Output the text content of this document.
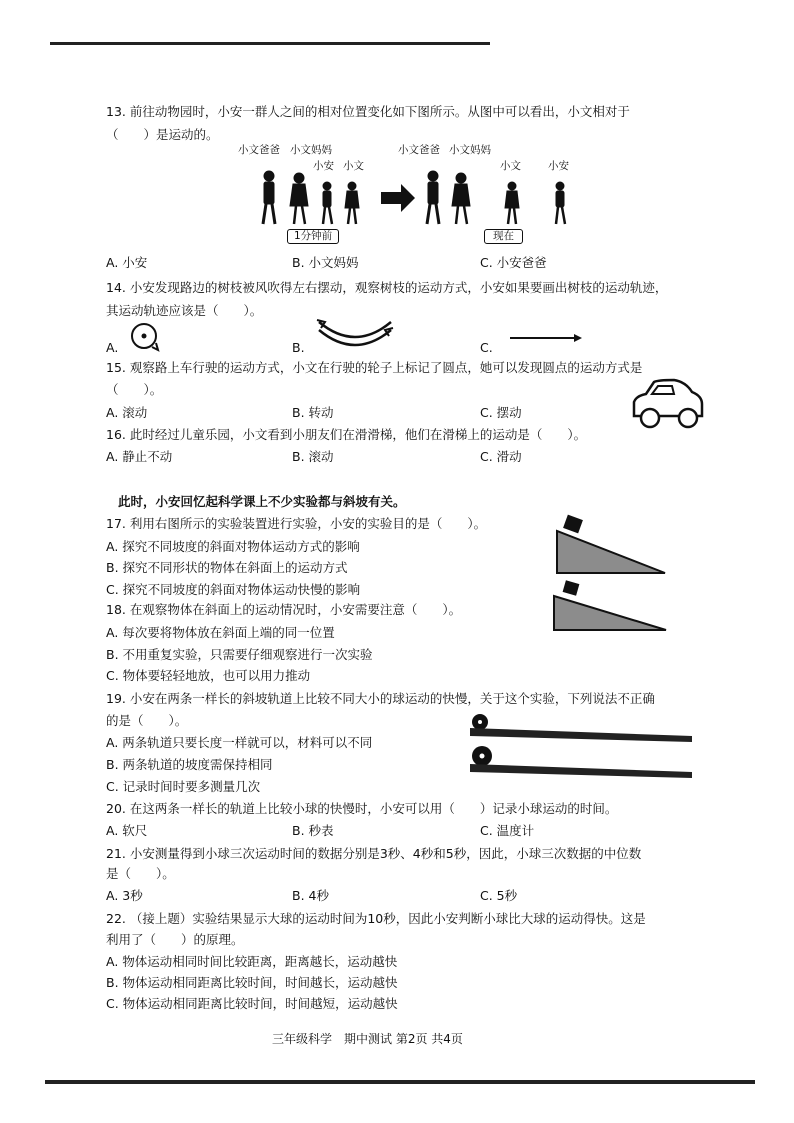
13. 前往动物园时，小安一群人之间的相对位置变化如下图所示。从图中可以看出，小文相对于
（　　）是运动的。
小文爸爸 小文妈妈
小安 小文
小文爸爸 小文妈妈
小文	小安
1分钟前	现在
A. 小安	B. 小文妈妈	C. 小安爸爸
14. 小安发现路边的树枝被风吹得左右摆动，观察树枝的运动方式，小安如果要画出树枝的运动轨迹，
其运动轨迹应该是（　　）。
A.	B.	C.
15. 观察路上车行驶的运动方式，小文在行驶的轮子上标记了圆点，她可以发现圆点的运动方式是
（　　）。
A. 滚动	B. 转动	C. 摆动
16. 此时经过儿童乐园，小文看到小朋友们在滑滑梯，他们在滑梯上的运动是（　　）。
A. 静止不动	B. 滚动	C. 滑动
此时，小安回忆起科学课上不少实验都与斜坡有关。
17. 利用右图所示的实验装置进行实验，小安的实验目的是（　　）。
A. 探究不同坡度的斜面对物体运动方式的影响
B. 探究不同形状的物体在斜面上的运动方式
C. 探究不同坡度的斜面对物体运动快慢的影响
18. 在观察物体在斜面上的运动情况时，小安需要注意（　　）。
A. 每次要将物体放在斜面上端的同一位置
B. 不用重复实验，只需要仔细观察进行一次实验
C. 物体要轻轻地放，也可以用力推动
19. 小安在两条一样长的斜坡轨道上比较不同大小的球运动的快慢，关于这个实验，下列说法不正确
的是（　　）。
A. 两条轨道只要长度一样就可以，材料可以不同
B. 两条轨道的坡度需保持相同
C. 记录时间时要多测量几次
20. 在这两条一样长的轨道上比较小球的快慢时，小安可以用（　　）记录小球运动的时间。
A. 软尺	B. 秒表	C. 温度计
21. 小安测量得到小球三次运动时间的数据分别是3秒、4秒和5秒，因此，小球三次数据的中位数
是（　　）。
A. 3秒	B. 4秒	C. 5秒
22. （接上题）实验结果显示大球的运动时间为10秒，因此小安判断小球比大球的运动得快。这是
利用了（　　）的原理。
A. 物体运动相同时间比较距离，距离越长，运动越快
B. 物体运动相同距离比较时间，时间越长，运动越快
C. 物体运动相同距离比较时间，时间越短，运动越快
三年级科学　期中测试 第2页 共4页
